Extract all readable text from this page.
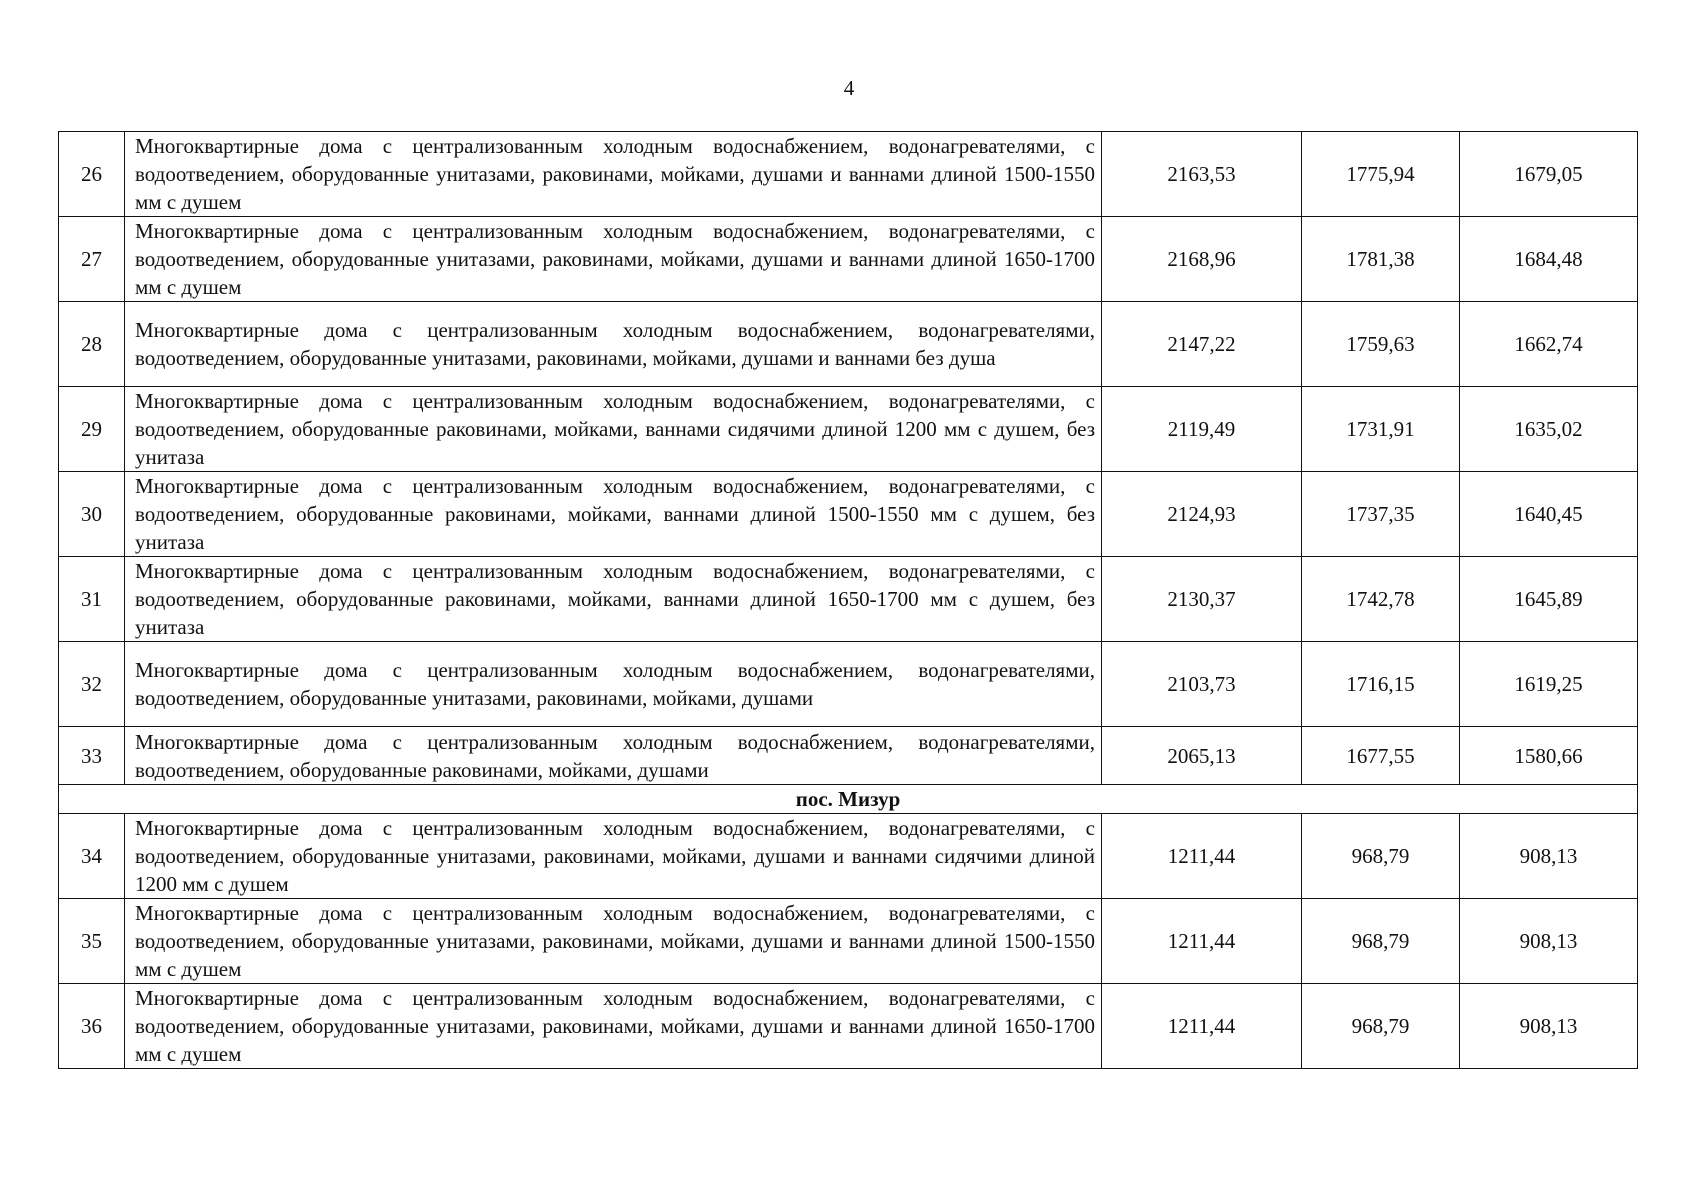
4
26	Многоквартирные дома с централизованным холодным водоснабжением, водонагревателями, с водоотведением, оборудованные унитазами, раковинами, мойками, душами и ваннами длиной 1500-1550 мм с душем	2163,53	1775,94	1679,05
27	Многоквартирные дома с централизованным холодным водоснабжением, водонагревателями, с водоотведением, оборудованные унитазами, раковинами, мойками, душами и ваннами длиной 1650-1700 мм с душем	2168,96	1781,38	1684,48
28	Многоквартирные дома с централизованным холодным водоснабжением, водонагревателями, водоотведением, оборудованные унитазами, раковинами, мойками, душами и ваннами без душа	2147,22	1759,63	1662,74
29	Многоквартирные дома с централизованным холодным водоснабжением, водонагревателями, с водоотведением, оборудованные раковинами, мойками, ваннами сидячими длиной 1200 мм с душем, без унитаза	2119,49	1731,91	1635,02
30	Многоквартирные дома с централизованным холодным водоснабжением, водонагревателями, с водоотведением, оборудованные раковинами, мойками, ваннами длиной 1500-1550 мм с душем, без унитаза	2124,93	1737,35	1640,45
31	Многоквартирные дома с централизованным холодным водоснабжением, водонагревателями, с водоотведением, оборудованные раковинами, мойками, ваннами длиной 1650-1700 мм с душем, без унитаза	2130,37	1742,78	1645,89
32	Многоквартирные дома с централизованным холодным водоснабжением, водонагревателями, водоотведением, оборудованные унитазами, раковинами, мойками, душами	2103,73	1716,15	1619,25
33	Многоквартирные дома с централизованным холодным водоснабжением, водонагревателями, водоотведением, оборудованные раковинами, мойками, душами	2065,13	1677,55	1580,66
пос. Мизур				
34	Многоквартирные дома с централизованным холодным водоснабжением, водонагревателями, с водоотведением, оборудованные унитазами, раковинами, мойками, душами и ваннами сидячими длиной 1200 мм с душем	1211,44	968,79	908,13
35	Многоквартирные дома с централизованным холодным водоснабжением, водонагревателями, с водоотведением, оборудованные унитазами, раковинами, мойками, душами и ваннами длиной 1500-1550 мм с душем	1211,44	968,79	908,13
36	Многоквартирные дома с централизованным холодным водоснабжением, водонагревателями, с водоотведением, оборудованные унитазами, раковинами, мойками, душами и ваннами длиной 1650-1700 мм с душем	1211,44	968,79	908,13
